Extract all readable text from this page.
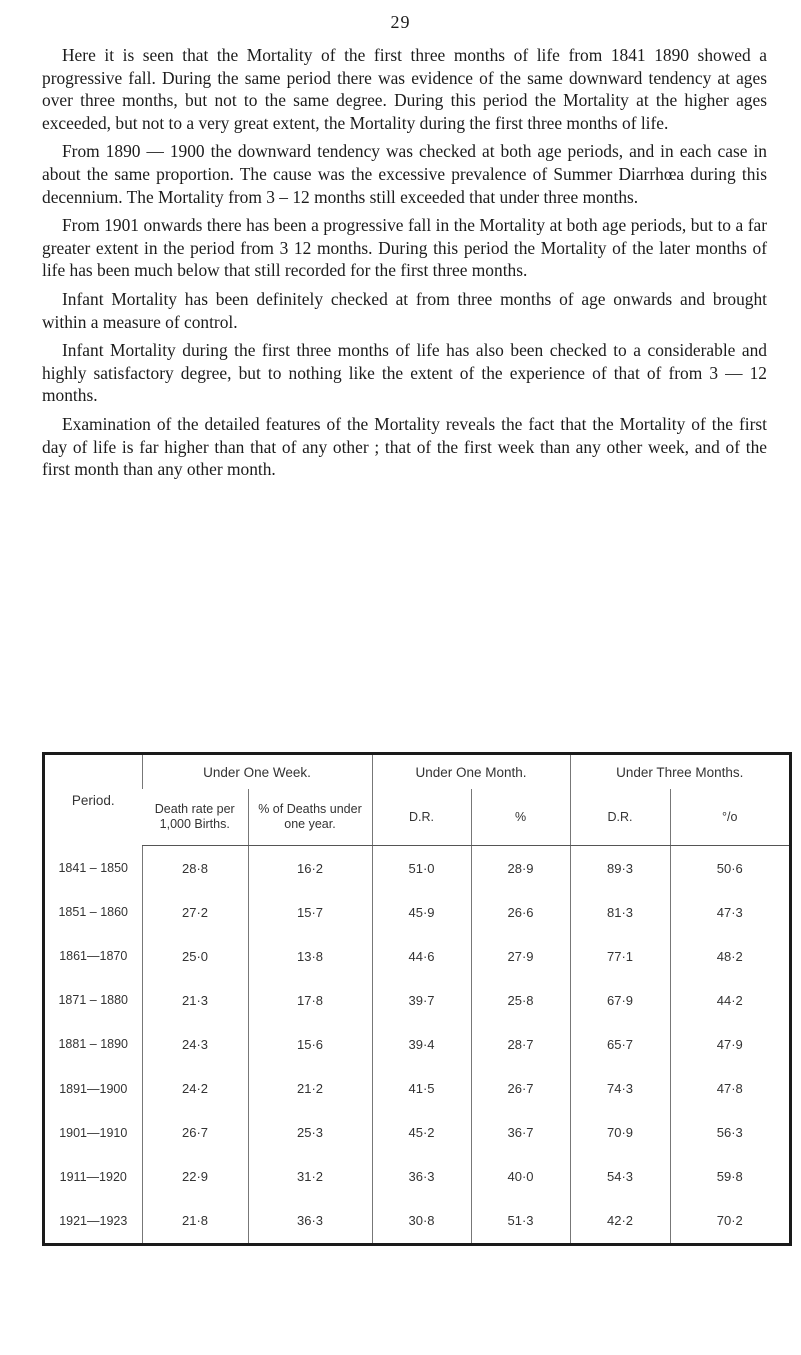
29

Here it is seen that the Mortality of the first three months of life from 1841 1890 showed a progressive fall. During the same period there was evidence of the same downward tendency at ages over three months, but not to the same degree. During this period the Mortality at the higher ages exceeded, but not to a very great extent, the Mortality during the first three months of life.

From 1890 — 1900 the downward tendency was checked at both age periods, and in each case in about the same proportion. The cause was the excessive prevalence of Summer Diarrhœa during this decennium. The Mortality from 3 – 12 months still exceeded that under three months.

From 1901 onwards there has been a progressive fall in the Mortality at both age periods, but to a far greater extent in the period from 3 12 months. During this period the Mortality of the later months of life has been much below that still recorded for the first three months.

Infant Mortality has been definitely checked at from three months of age onwards and brought within a measure of control.

Infant Mortality during the first three months of life has also been checked to a considerable and highly satisfactory degree, but to nothing like the extent of the experience of that of from 3 — 12 months.

Examination of the detailed features of the Mortality reveals the fact that the Mortality of the first day of life is far higher than that of any other ; that of the first week than any other week, and of the first month than any other month.

Period.	Under One Week.		Under One Month.		Under Three Months.	
	Death rate per 1,000 Births.	% of Deaths under one year.	D.R.	%	D.R.	°/o
1841 – 1850	28·8	16·2	51·0	28·9	89·3	50·6
1851 – 1860	27·2	15·7	45·9	26·6	81·3	47·3
1861—1870	25·0	13·8	44·6	27·9	77·1	48·2
1871 – 1880	21·3	17·8	39·7	25·8	67·9	44·2
1881 – 1890	24·3	15·6	39·4	28·7	65·7	47·9
1891—1900	24·2	21·2	41·5	26·7	74·3	47·8
1901—1910	26·7	25·3	45·2	36·7	70·9	56·3
1911—1920	22·9	31·2	36·3	40·0	54·3	59·8
1921—1923	21·8	36·3	30·8	51·3	42·2	70·2
